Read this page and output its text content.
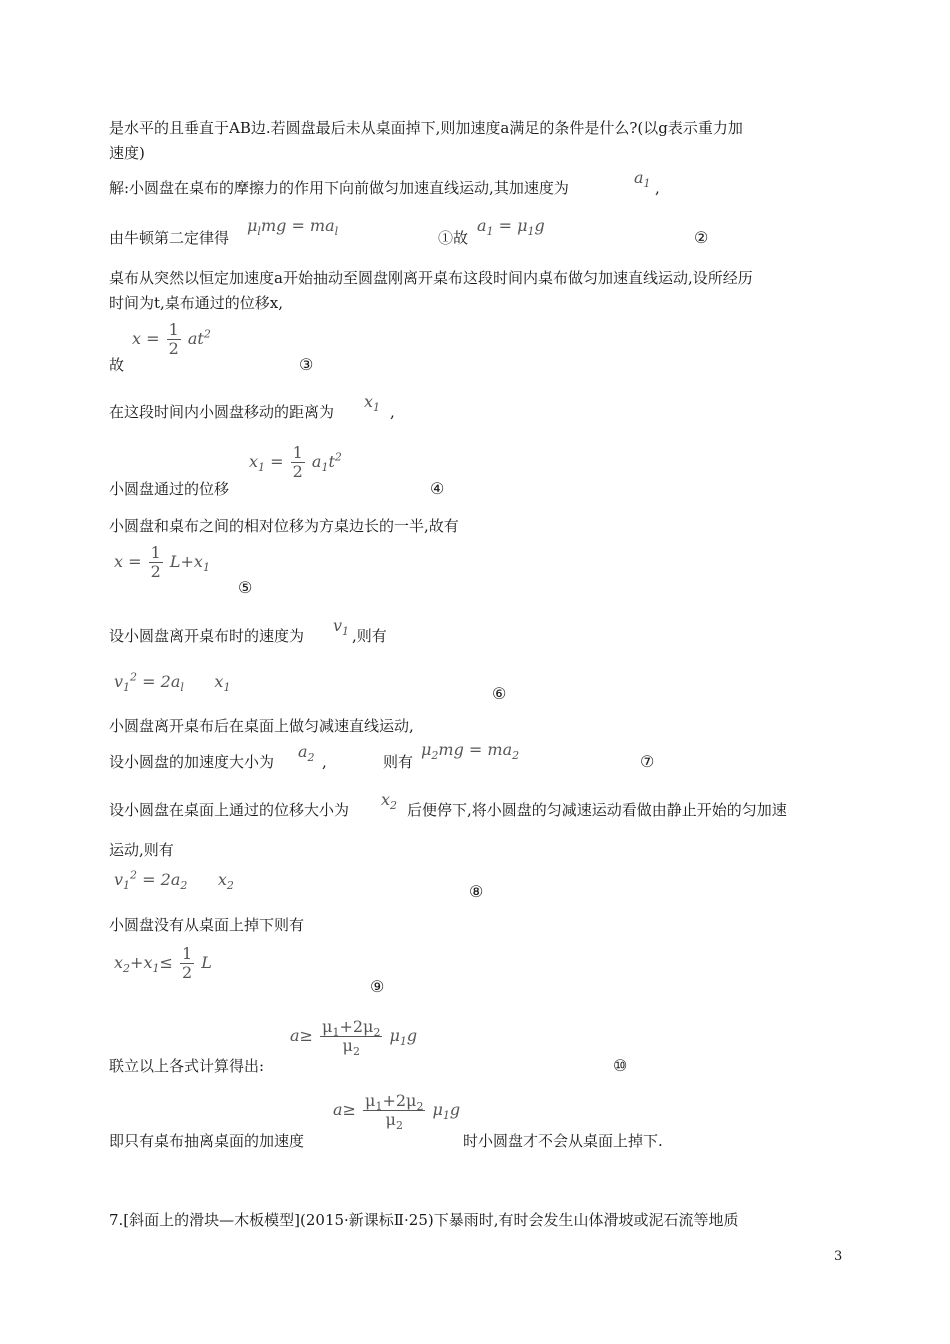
是水平的且垂直于AB边.若圆盘最后未从桌面掉下,则加速度a满足的条件是什么?(以g表示重力加
速度)
解:小圆盘在桌布的摩擦力的作用下向前做匀加速直线运动,其加速度为
$a_1$ ,
由牛顿第二定律得
$\mu_lmg = ma_l$	①故
$a_1 = \mu_1g$
②
桌布从突然以恒定加速度a开始抽动至圆盘刚离开桌布这段时间内桌布做匀加速直线运动,设所经历
时间为t,桌布通过的位移x,
$x = \frac{1}{2} at^2$
故	③
在这段时间内小圆盘移动的距离为
$x_1$ ,
$x_1 = \frac{1}{2} a_1t^2$
小圆盘通过的位移	④
小圆盘和桌布之间的相对位移为方桌边长的一半,故有
$x = \frac{1}{2} L+x_1$
⑤
设小圆盘离开桌布时的速度为
$v_1$ ,则有
$v_1^2 = 2a_l$      $x_1$	⑥
小圆盘离开桌布后在桌面上做匀减速直线运动,
设小圆盘的加速度大小为
$a_2$ ,	则有
$\mu_2mg = ma_2$	⑦
设小圆盘在桌面上通过的位移大小为
$x_2$ 后便停下,将小圆盘的匀减速运动看做由静止开始的匀加速
运动,则有
$v_1^2 = 2a_2$      $x_2$	⑧
小圆盘没有从桌面上掉下则有
$x_2+x_1\le \frac{1}{2}$ L
⑨
$a\ge \frac{\mu_1+2\mu_2}{\mu_2} \mu_1g$
联立以上各式计算得出:	⑩
$a\ge \frac{\mu_1+2\mu_2}{\mu_2} \mu_1g$
即只有桌布抽离桌面的加速度	时小圆盘才不会从桌面上掉下.
7.[斜面上的滑块—木板模型](2015·新课标Ⅱ·25)下暴雨时,有时会发生山体滑坡或泥石流等地质
3
